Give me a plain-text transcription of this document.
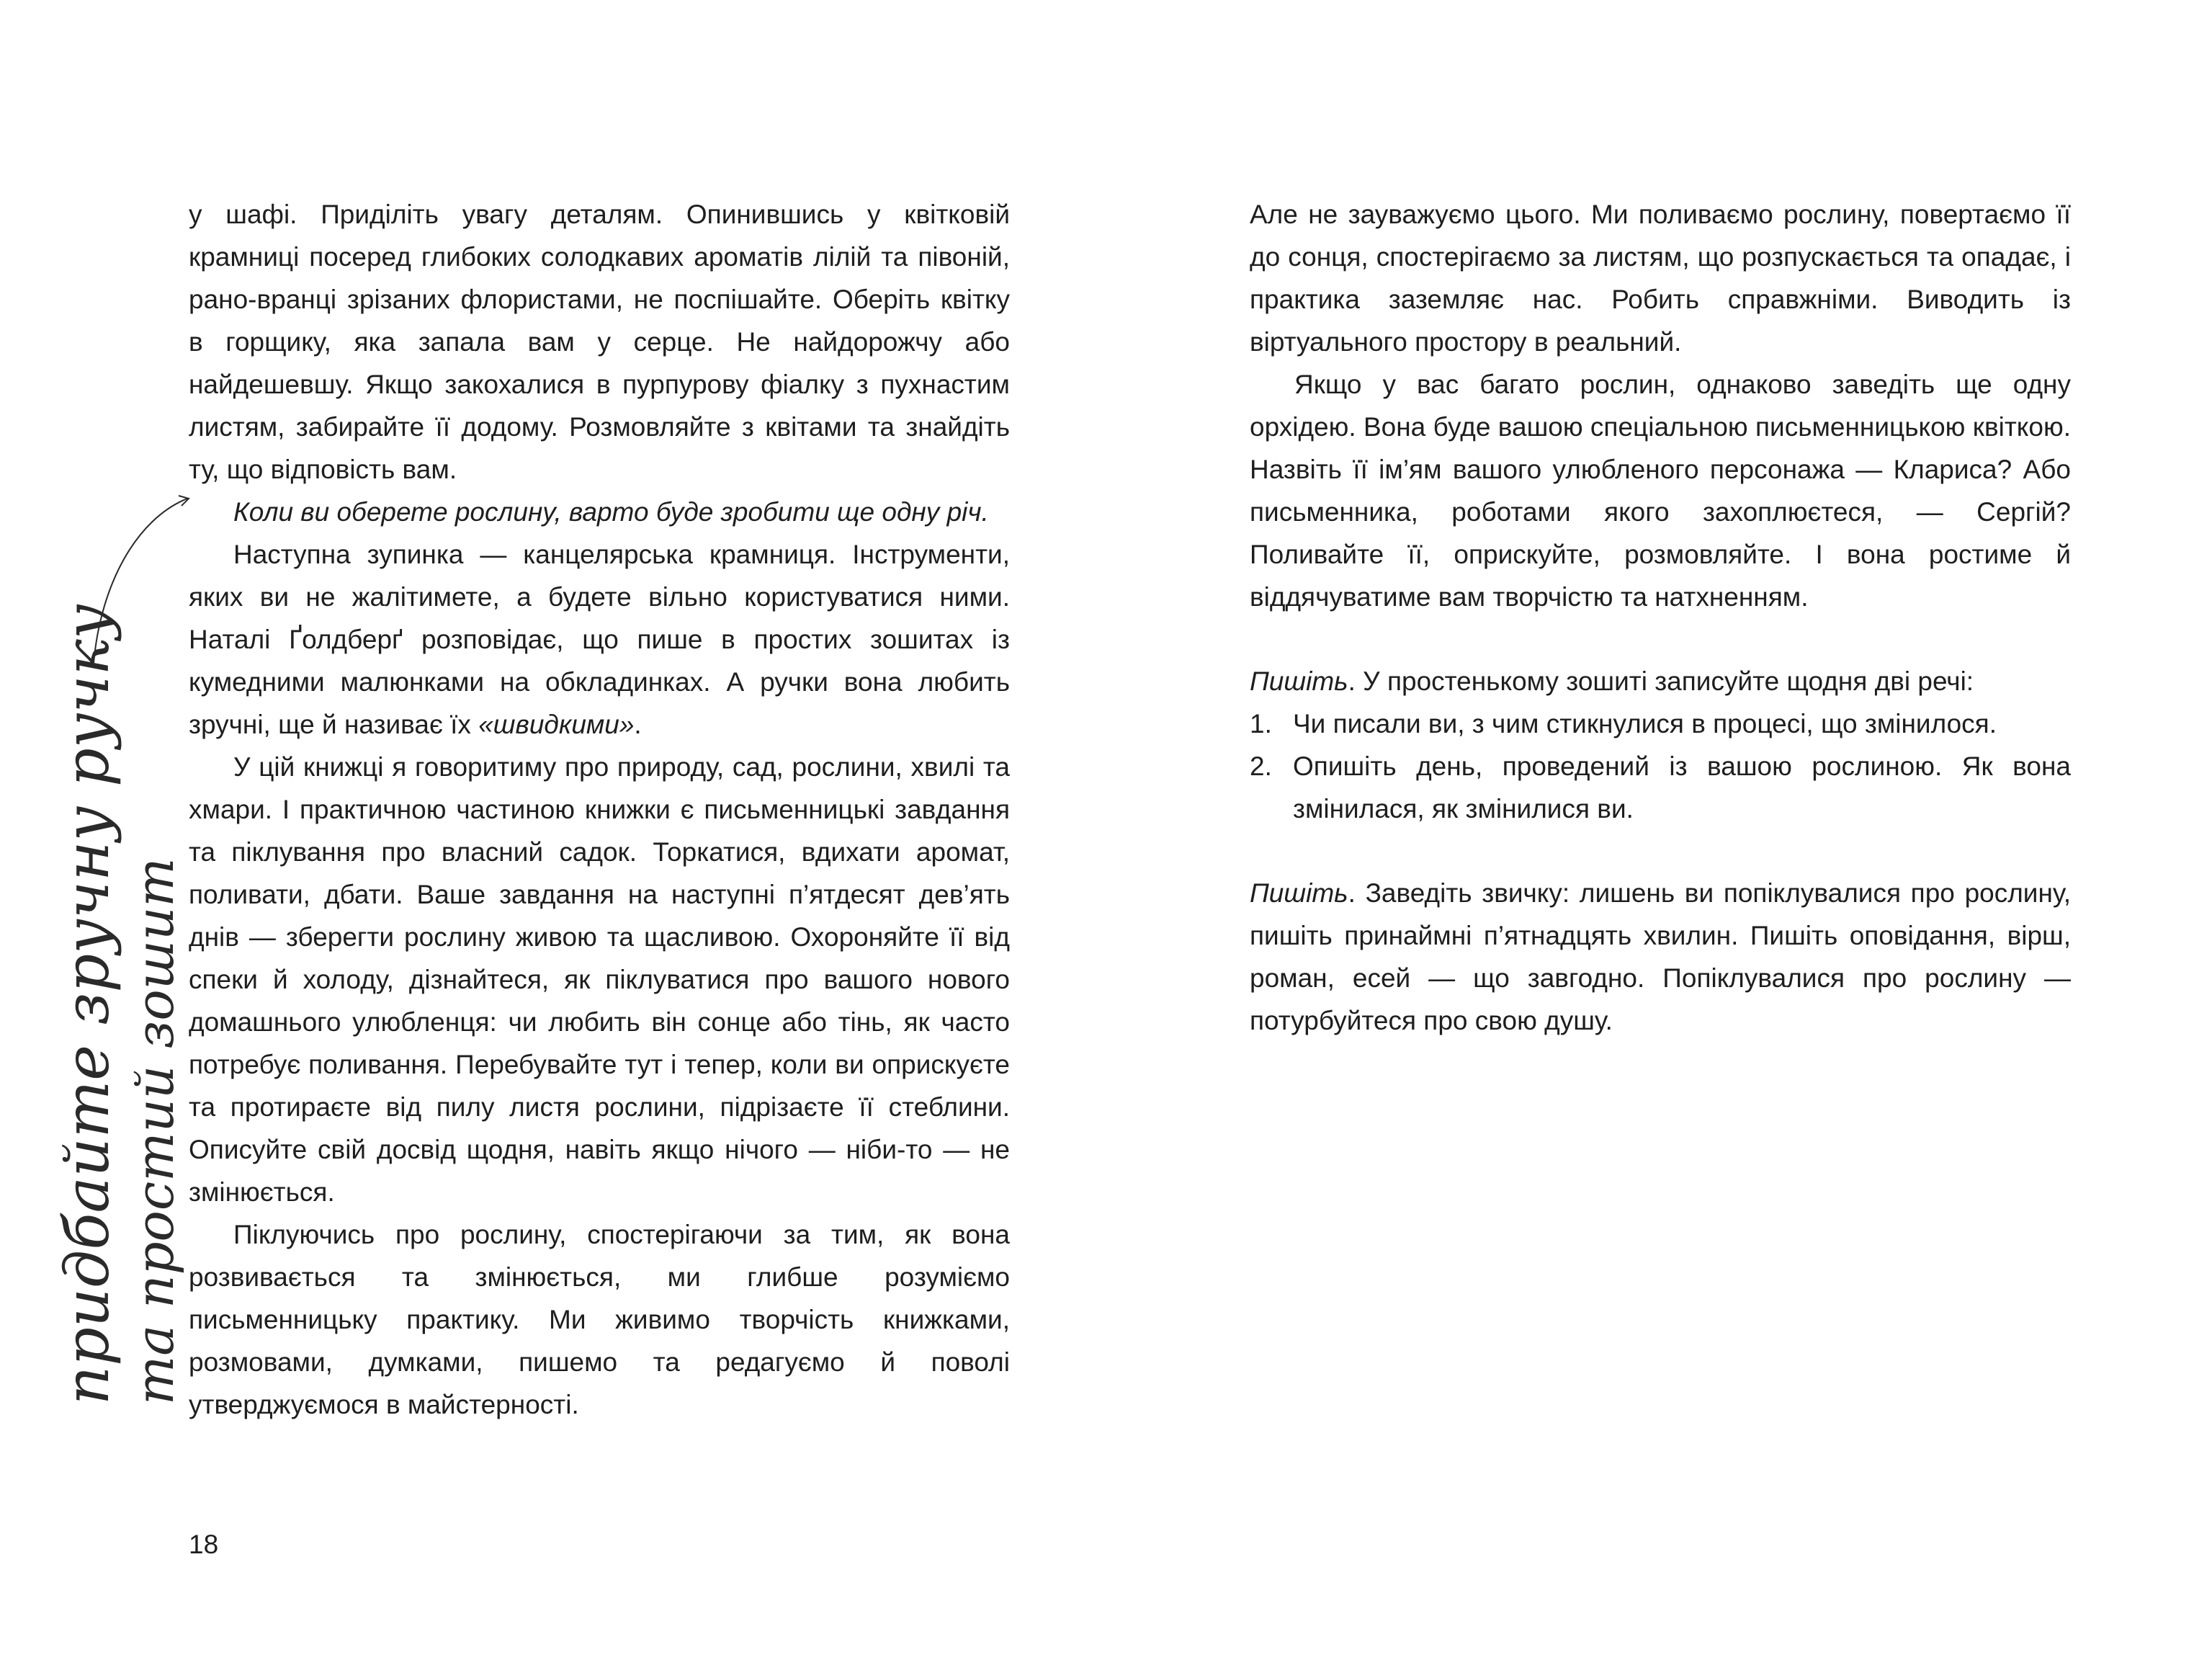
у шафі. Приділіть увагу деталям. Опинившись у квітковій крамниці посеред глибоких солодкавих ароматів лілій та півоній, рано-вранці зрізаних флористами, не поспішайте. Оберіть квітку в горщику, яка запала вам у серце. Не найдорожчу або найдешевшу. Якщо закохалися в пурпурову фіалку з пухнастим листям, забирайте її додому. Розмовляйте з квітами та знайдіть ту, що відповість вам.

Коли ви оберете рослину, варто буде зробити ще одну річ.

Наступна зупинка — канцелярська крамниця. Інструменти, яких ви не жалітимете, а будете вільно користуватися ними. Наталі Ґолдберґ розповідає, що пише в простих зошитах із кумедними малюнками на обкладинках. А ручки вона любить зручні, ще й називає їх «швидкими».

У цій книжці я говоритиму про природу, сад, рослини, хвилі та хмари. І практичною частиною книжки є письменницькі завдання та піклування про власний садок. Торкатися, вдихати аромат, поливати, дбати. Ваше завдання на наступні п’ятдесят дев’ять днів — зберегти рослину живою та щасливою. Охороняйте її від спеки й холоду, дізнайтеся, як піклуватися про вашого нового домашнього улюбленця: чи любить він сонце або тінь, як часто потребує поливання. Перебувайте тут і тепер, коли ви оприскуєте та протираєте від пилу листя рослини, підрізаєте її стеблини. Описуйте свій досвід щодня, навіть якщо нічого — ніби-то — не змінюється.

Піклуючись про рослину, спостерігаючи за тим, як вона розвивається та змінюється, ми глибше розуміємо письменницьку практику. Ми живимо творчість книжками, розмовами, думками, пишемо та редагуємо й поволі утверджуємося в майстерності.

придбайте зручну ручку та простий зошит
18

Але не зауважуємо цього. Ми поливаємо рослину, повертаємо її до сонця, спостерігаємо за листям, що розпускається та опадає, і практика заземляє нас. Робить справжніми. Виводить із віртуального простору в реальний.

Якщо у вас багато рослин, однаково заведіть ще одну орхідею. Вона буде вашою спеціальною письменницькою квіткою. Назвіть її ім’ям вашого улюбленого персонажа — Клариса? Або письменника, роботами якого захоплюєтеся, — Сергій? Поливайте її, оприскуйте, розмовляйте. І вона ростиме й віддячуватиме вам творчістю та натхненням.

Пишіть. У простенькому зошиті записуйте щодня дві речі:

1. Чи писали ви, з чим стикнулися в процесі, що змінилося.
2. Опишіть день, проведений із вашою рослиною. Як вона змінилася, як змінилися ви.

Пишіть. Заведіть звичку: лишень ви попіклувалися про рослину, пишіть принаймні п’ятнадцять хвилин. Пишіть оповідання, вірш, роман, есей — що завгодно. Попіклувалися про рослину — потурбуйтеся про свою душу.
